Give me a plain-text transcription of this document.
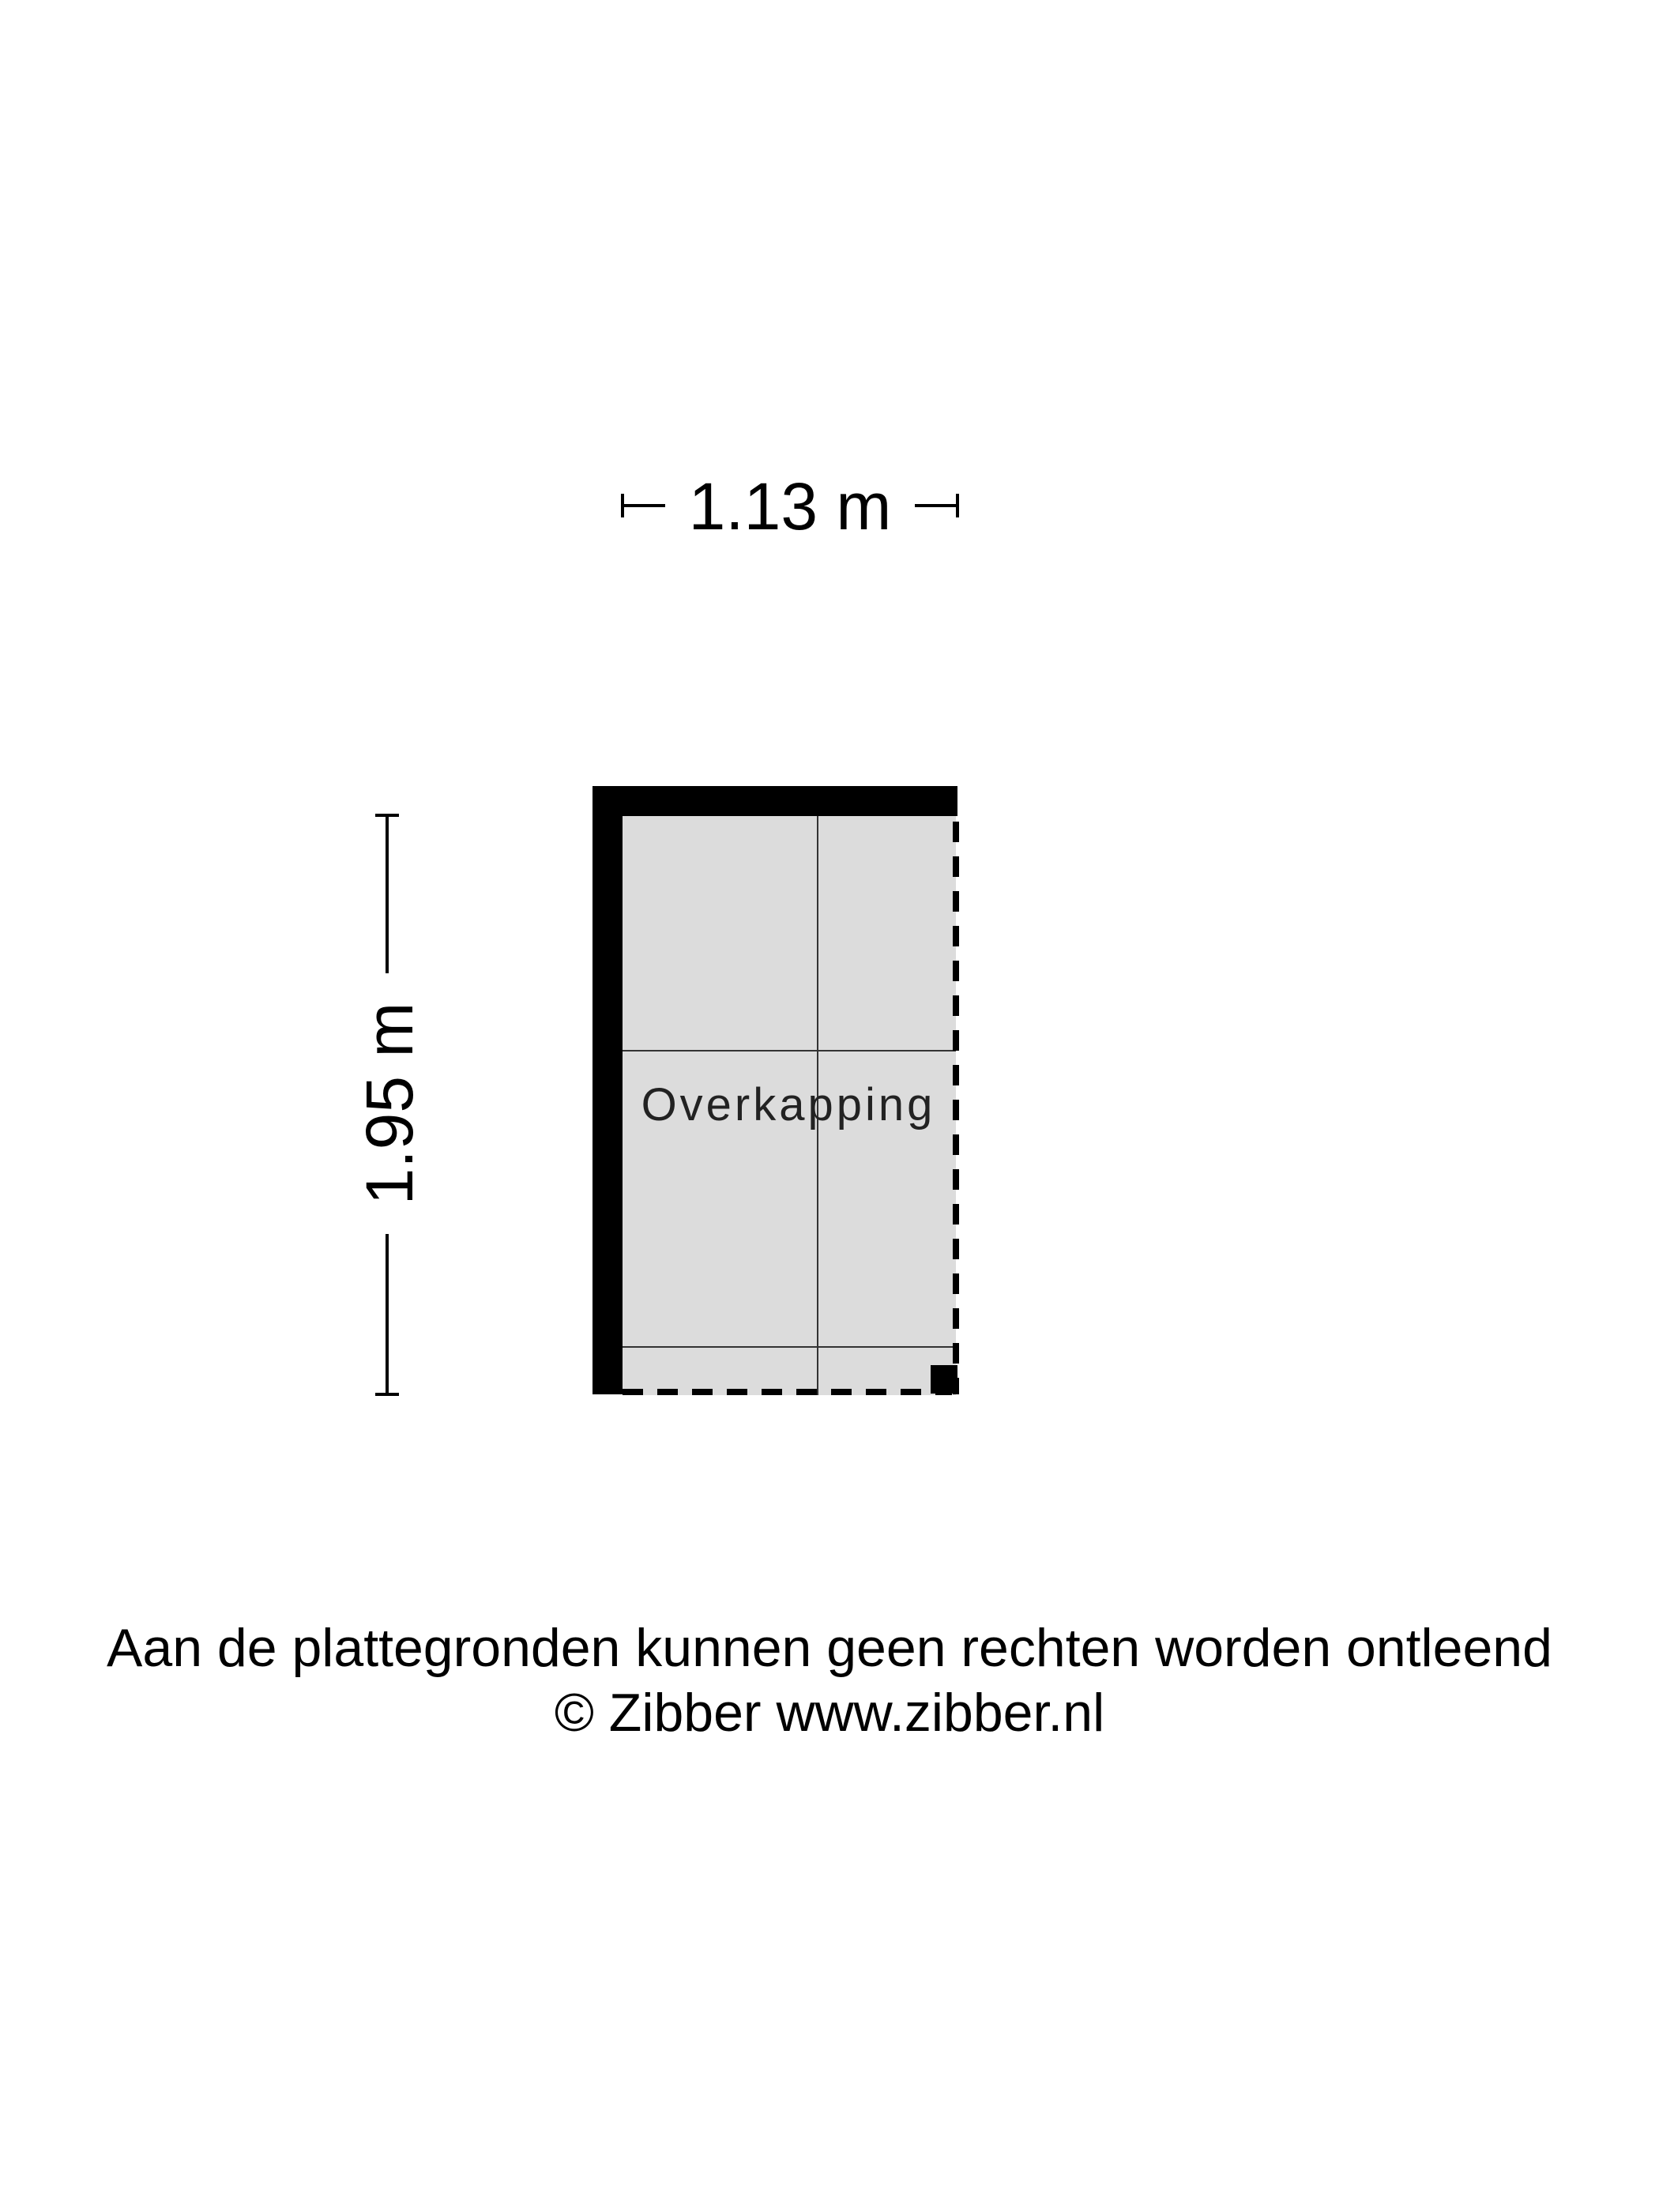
1.13 m
1.95 m	Overkapping
Aan de plattegronden kunnen geen rechten worden ontleend
© Zibber www.zibber.nl
